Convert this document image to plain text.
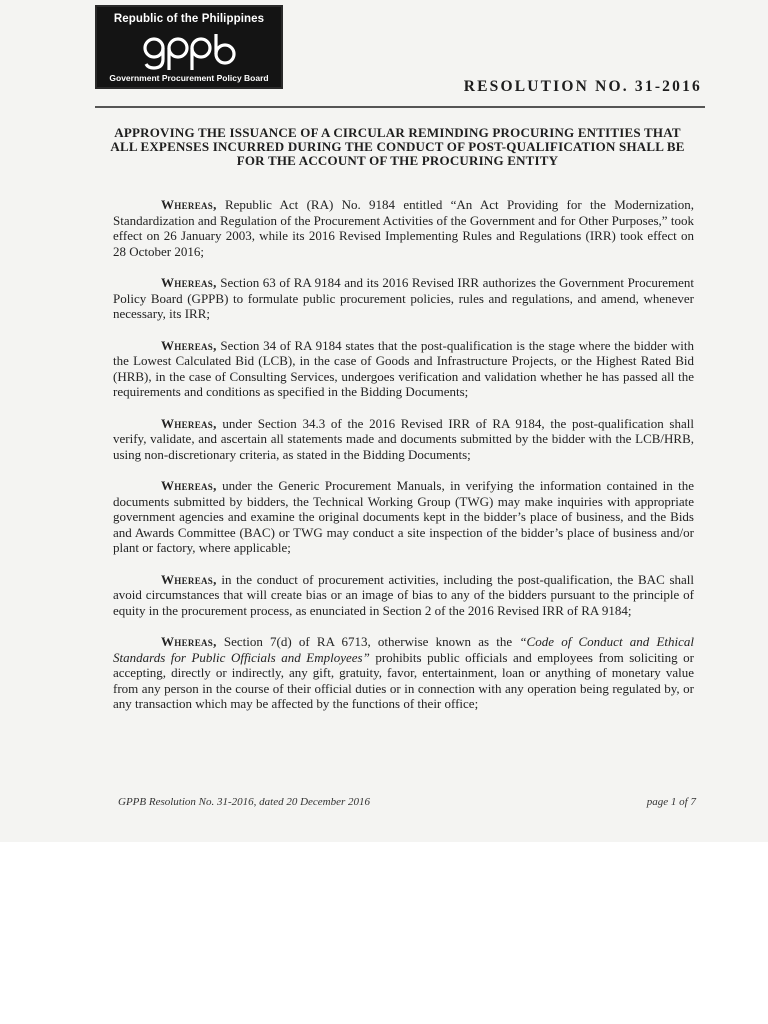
Republic of the Philippines
Government Procurement Policy Board	RESOLUTION NO. 31-2016
APPROVING THE ISSUANCE OF A CIRCULAR REMINDING PROCURING ENTITIES THAT ALL EXPENSES INCURRED DURING THE CONDUCT OF POST-QUALIFICATION SHALL BE FOR THE ACCOUNT OF THE PROCURING ENTITY

Whereas, Republic Act (RA) No. 9184 entitled “An Act Providing for the Modernization, Standardization and Regulation of the Procurement Activities of the Government and for Other Purposes,” took effect on 26 January 2003, while its 2016 Revised Implementing Rules and Regulations (IRR) took effect on 28 October 2016;

Whereas, Section 63 of RA 9184 and its 2016 Revised IRR authorizes the Government Procurement Policy Board (GPPB) to formulate public procurement policies, rules and regulations, and amend, whenever necessary, its IRR;

Whereas, Section 34 of RA 9184 states that the post-qualification is the stage where the bidder with the Lowest Calculated Bid (LCB), in the case of Goods and Infrastructure Projects, or the Highest Rated Bid (HRB), in the case of Consulting Services, undergoes verification and validation whether he has passed all the requirements and conditions as specified in the Bidding Documents;

Whereas, under Section 34.3 of the 2016 Revised IRR of RA 9184, the post-qualification shall verify, validate, and ascertain all statements made and documents submitted by the bidder with the LCB/HRB, using non-discretionary criteria, as stated in the Bidding Documents;

Whereas, under the Generic Procurement Manuals, in verifying the information contained in the documents submitted by bidders, the Technical Working Group (TWG) may make inquiries with appropriate government agencies and examine the original documents kept in the bidder’s place of business, and the Bids and Awards Committee (BAC) or TWG may conduct a site inspection of the bidder’s place of business and/or plant or factory, where applicable;

Whereas, in the conduct of procurement activities, including the post-qualification, the BAC shall avoid circumstances that will create bias or an image of bias to any of the bidders pursuant to the principle of equity in the procurement process, as enunciated in Section 2 of the 2016 Revised IRR of RA 9184;

Whereas, Section 7(d) of RA 6713, otherwise known as the “Code of Conduct and Ethical Standards for Public Officials and Employees” prohibits public officials and employees from soliciting or accepting, directly or indirectly, any gift, gratuity, favor, entertainment, loan or anything of monetary value from any person in the course of their official duties or in connection with any operation being regulated by, or any transaction which may be affected by the functions of their office;

GPPB Resolution No. 31-2016, dated 20 December 2016	page 1 of 7
